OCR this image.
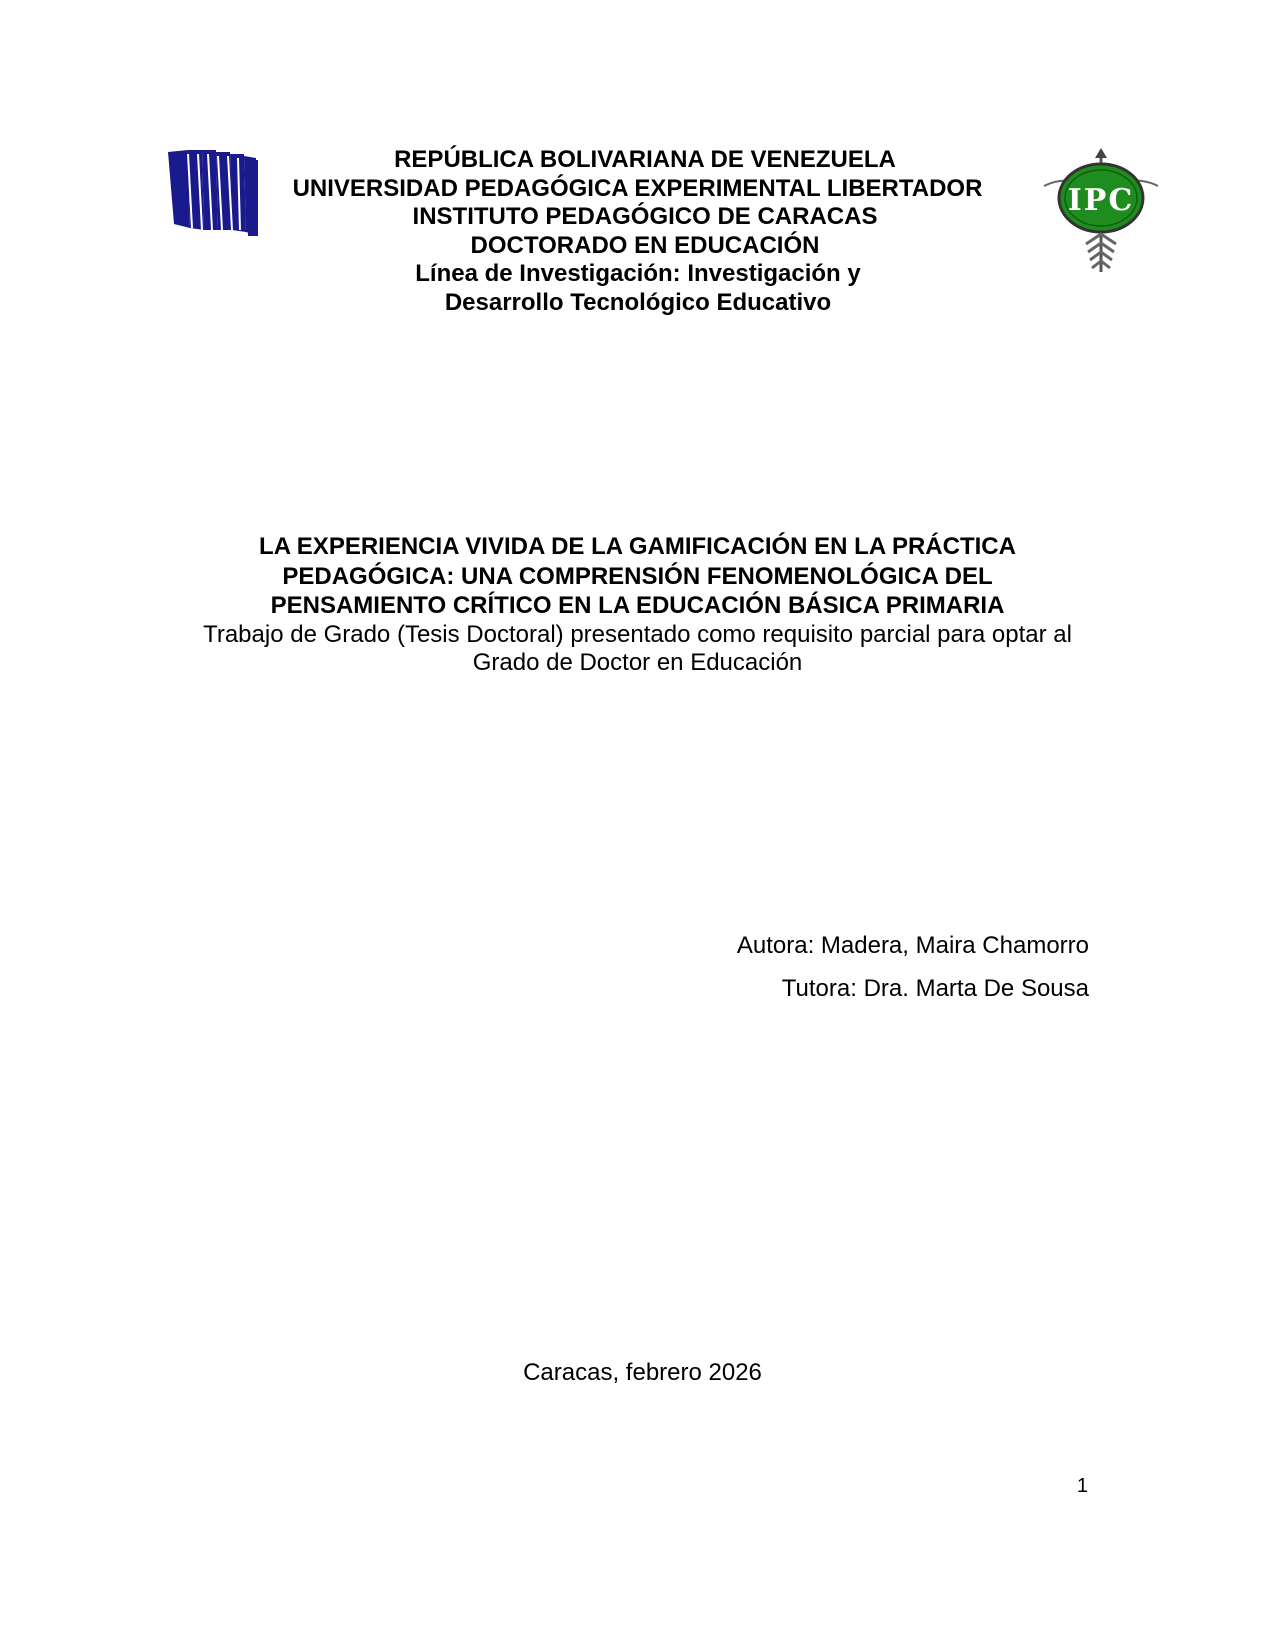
REPÚBLICA BOLIVARIANA DE VENEZUELA
UNIVERSIDAD PEDAGÓGICA EXPERIMENTAL LIBERTADOR
INSTITUTO PEDAGÓGICO DE CARACAS
DOCTORADO EN EDUCACIÓN
Línea de Investigación: Investigación y
Desarrollo Tecnológico Educativo
IPC
LA EXPERIENCIA VIVIDA DE LA GAMIFICACIÓN EN LA PRÁCTICA
PEDAGÓGICA: UNA COMPRENSIÓN FENOMENOLÓGICA DEL
PENSAMIENTO CRÍTICO EN LA EDUCACIÓN BÁSICA PRIMARIA
Trabajo de Grado (Tesis Doctoral) presentado como requisito parcial para optar al
Grado de Doctor en Educación
Autora: Madera, Maira Chamorro
Tutora: Dra. Marta De Sousa
Caracas, febrero 2026
1
